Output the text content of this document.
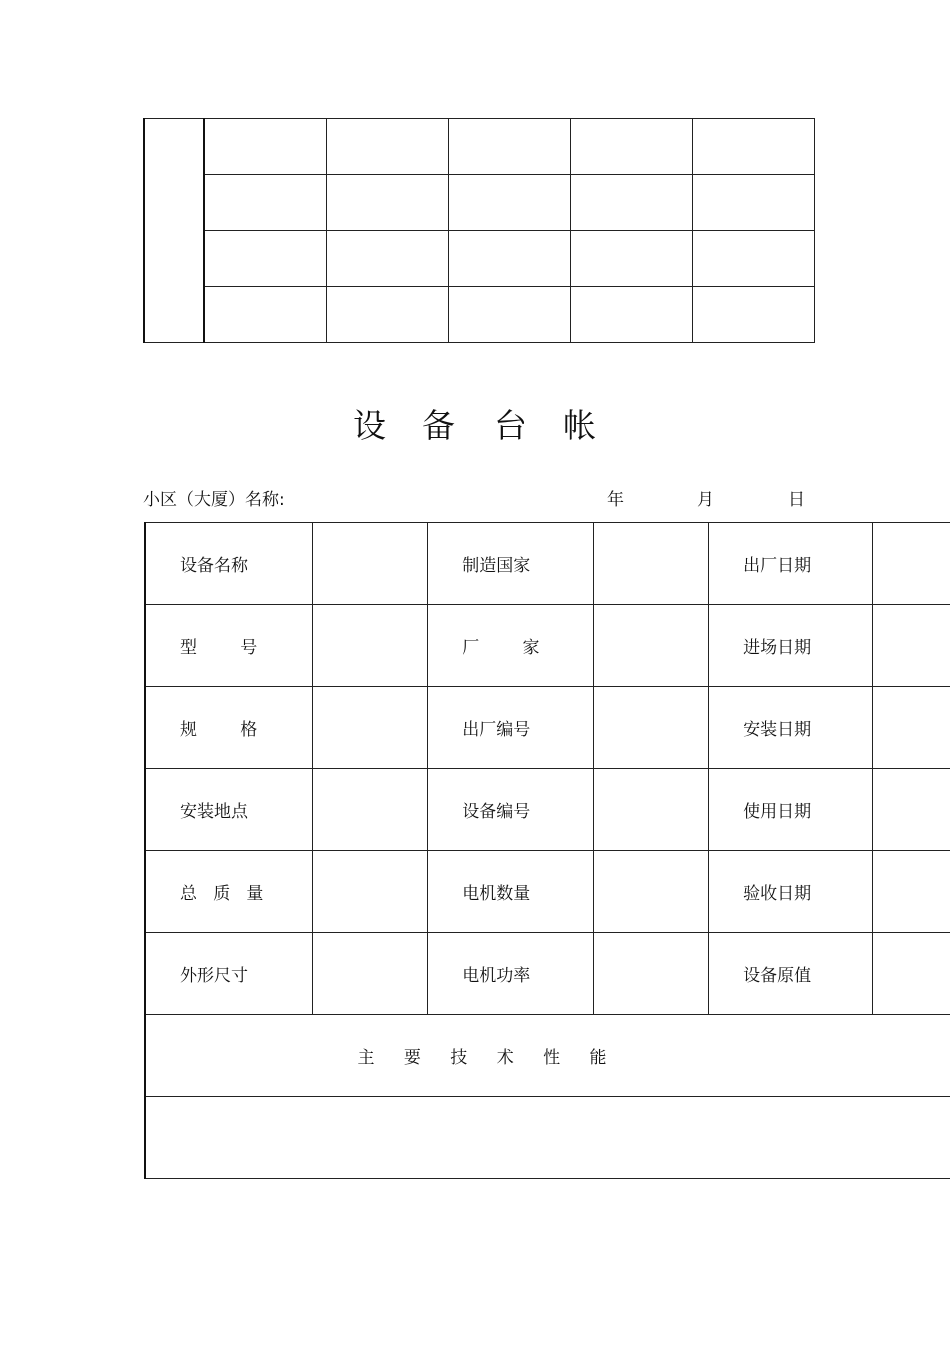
设 备 台 帐
小区（大厦）名称:	年	月	日
设备名称		制造国家		出厂日期	
型        号		厂        家		进场日期	
规        格		出厂编号		安装日期	
安装地点		设备编号		使用日期	
总   质   量		电机数量		验收日期	
外形尺寸		电机功率		设备原值	
主 要 技 术 性 能					
